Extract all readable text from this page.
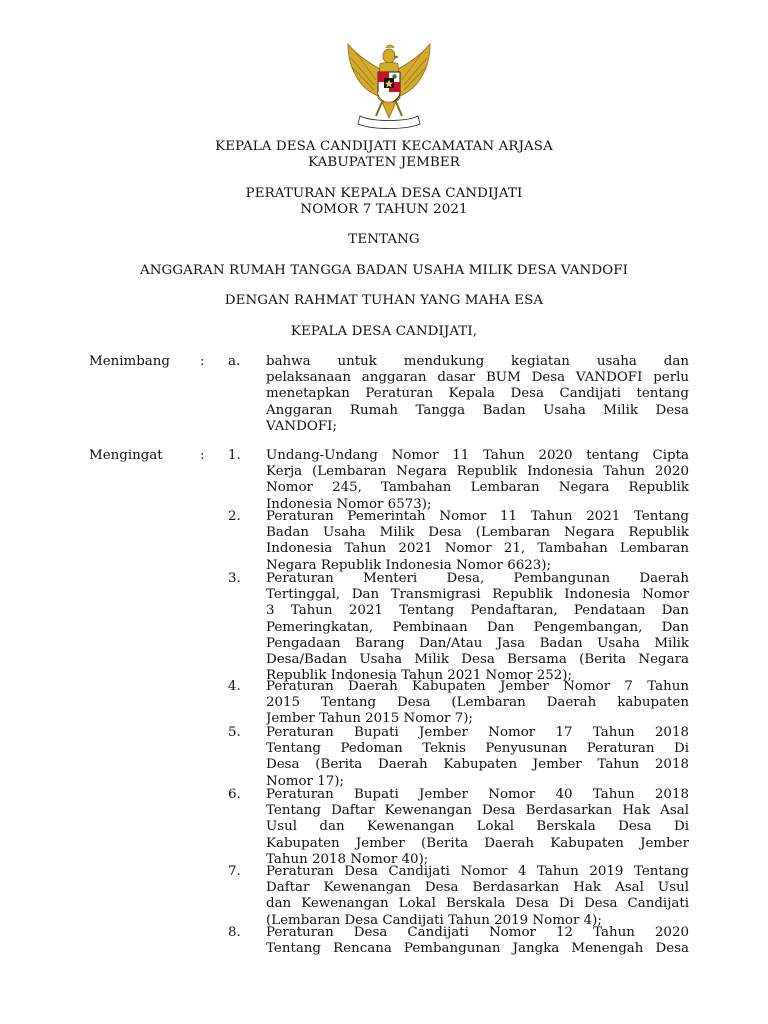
KEPALA DESA CANDIJATI KECAMATAN ARJASA
KABUPATEN JEMBER
PERATURAN KEPALA DESA CANDIJATI
NOMOR 7 TAHUN 2021
TENTANG
ANGGARAN RUMAH TANGGA BADAN USAHA MILIK DESA VANDOFI
DENGAN RAHMAT TUHAN YANG MAHA ESA
KEPALA DESA CANDIJATI,
Menimbang : a. bahwa untuk mendukung kegiatan usaha dan
pelaksanaan anggaran dasar BUM Desa VANDOFI perlu
menetapkan Peraturan Kepala Desa Candijati tentang
Anggaran Rumah Tangga Badan Usaha Milik Desa
VANDOFI;
Mengingat	: 1. Undang-Undang Nomor 11 Tahun 2020 tentang Cipta
Kerja (Lembaran Negara Republik Indonesia Tahun 2020
Nomor 245, Tambahan Lembaran Negara Republik
Indonesia Nomor 6573);
2. Peraturan Pemerintah Nomor 11 Tahun 2021 Tentang
Badan Usaha Milik Desa (Lembaran Negara Republik
Indonesia Tahun 2021 Nomor 21, Tambahan Lembaran
Negara Republik Indonesia Nomor 6623);
3. Peraturan Menteri Desa, Pembangunan Daerah
Tertinggal, Dan Transmigrasi Republik Indonesia Nomor
3 Tahun 2021 Tentang Pendaftaran, Pendataan Dan
Pemeringkatan, Pembinaan Dan Pengembangan, Dan
Pengadaan Barang Dan/Atau Jasa Badan Usaha Milik
Desa/Badan Usaha Milik Desa Bersama (Berita Negara
Republik Indonesia Tahun 2021 Nomor 252);
4. Peraturan Daerah Kabupaten Jember Nomor 7 Tahun
2015 Tentang Desa (Lembaran Daerah kabupaten
Jember Tahun 2015 Nomor 7);
5. Peraturan Bupati Jember Nomor 17 Tahun 2018
Tentang Pedoman Teknis Penyusunan Peraturan Di
Desa (Berita Daerah Kabupaten Jember Tahun 2018
Nomor 17);
6. Peraturan Bupati Jember Nomor 40 Tahun 2018
Tentang Daftar Kewenangan Desa Berdasarkan Hak Asal
Usul dan Kewenangan Lokal Berskala Desa Di
Kabupaten Jember (Berita Daerah Kabupaten Jember
Tahun 2018 Nomor 40);
7. Peraturan Desa Candijati Nomor 4 Tahun 2019 Tentang
Daftar Kewenangan Desa Berdasarkan Hak Asal Usul
dan Kewenangan Lokal Berskala Desa Di Desa Candijati
(Lembaran Desa Candijati Tahun 2019 Nomor 4);
8. Peraturan Desa Candijati Nomor 12 Tahun 2020
Tentang Rencana Pembangunan Jangka Menengah Desa
